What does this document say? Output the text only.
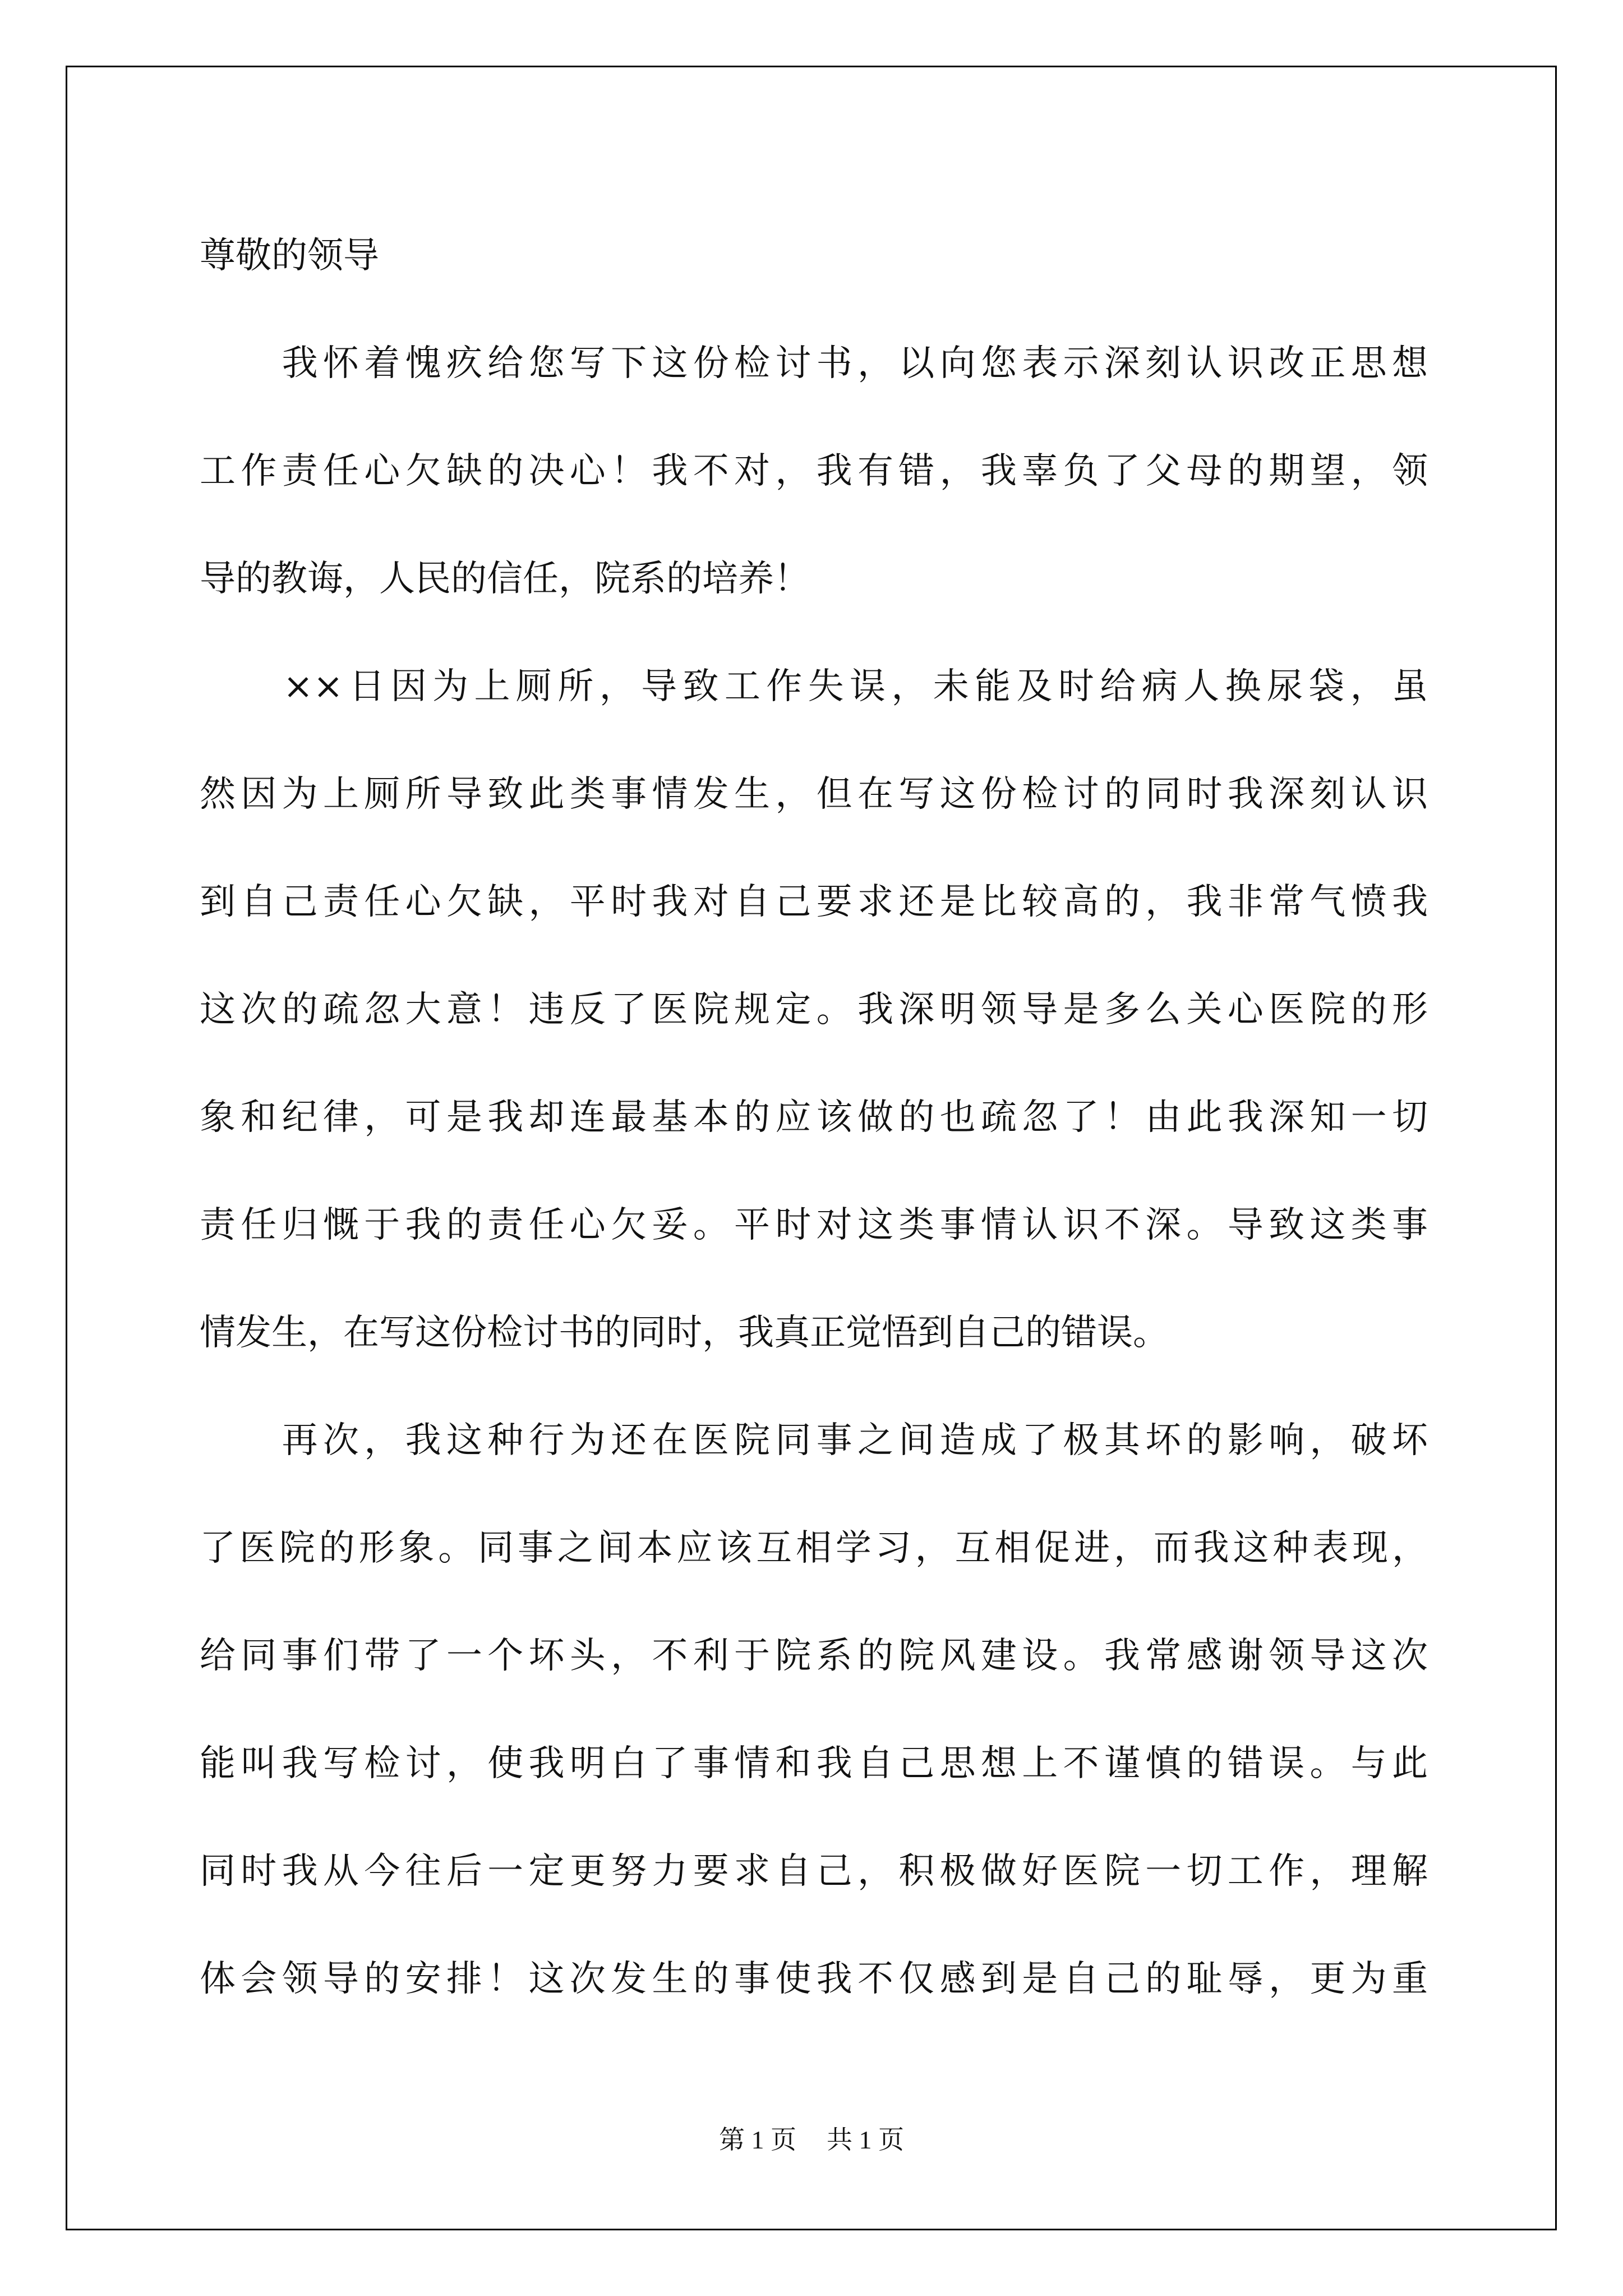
尊敬的领导
　　我怀着愧疚给您写下这份检讨书，以向您表示深刻认识改正思想
工作责任心欠缺的决心！我不对，我有错，我辜负了父母的期望，领
导的教诲，人民的信任，院系的培养！
　　××日因为上厕所，导致工作失误，未能及时给病人换尿袋，虽
然因为上厕所导致此类事情发生，但在写这份检讨的同时我深刻认识
到自己责任心欠缺，平时我对自己要求还是比较高的，我非常气愤我
这次的疏忽大意！违反了医院规定。我深明领导是多么关心医院的形
象和纪律，可是我却连最基本的应该做的也疏忽了！由此我深知一切
责任归慨于我的责任心欠妥。平时对这类事情认识不深。导致这类事
情发生，在写这份检讨书的同时，我真正觉悟到自己的错误。
　　再次，我这种行为还在医院同事之间造成了极其坏的影响，破坏
了医院的形象。同事之间本应该互相学习，互相促进，而我这种表现，
给同事们带了一个坏头，不利于院系的院风建设。我常感谢领导这次
能叫我写检讨，使我明白了事情和我自己思想上不谨慎的错误。与此
同时我从今往后一定更努力要求自己，积极做好医院一切工作，理解
体会领导的安排！这次发生的事使我不仅感到是自己的耻辱，更为重
第 1 页 共 1 页
